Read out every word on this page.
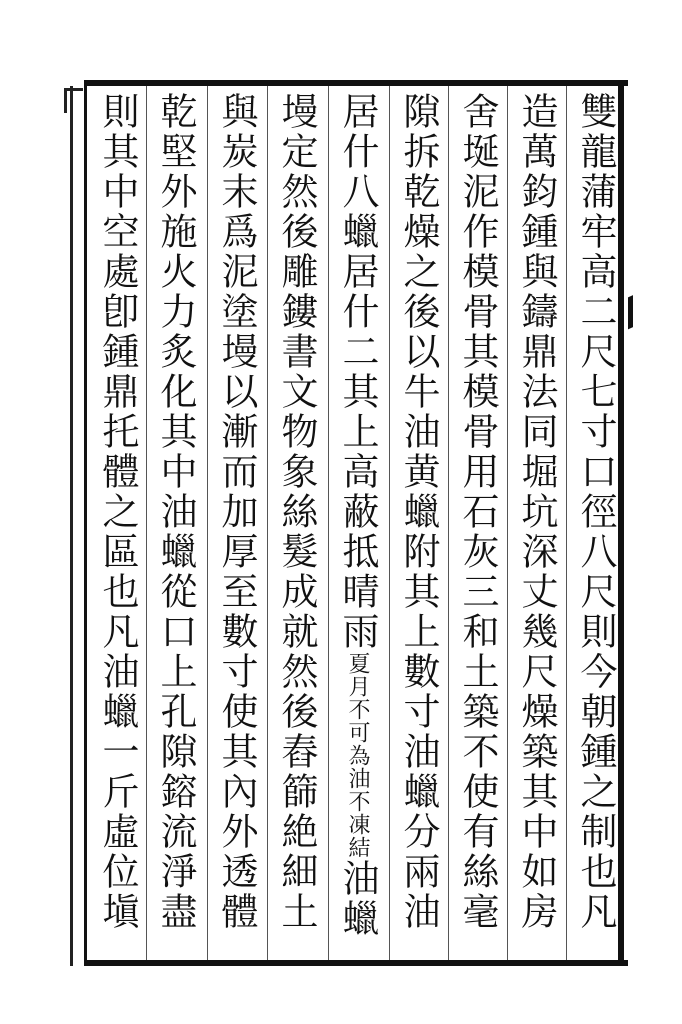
雙龍蒲牢高二尺七寸口徑八尺則今朝鍾之制也凡
造萬鈞鍾與鑄鼎法同堀坑深丈幾尺燥築其中如房
舍埏泥作模骨其模骨用石灰三和土築不使有絲毫
隙拆乾燥之後以牛油黄蠟附其上數寸油蠟分兩油
居什八蠟居什二其上高蔽抵晴雨夏月不可為油不凍結油蠟
墁定然後雕鏤書文物象絲髮成就然後舂篩絶細土
與炭末爲泥塗墁以漸而加厚至數寸使其內外透體
乾堅外施火力炙化其中油蠟從口上孔隙鎔流淨盡
則其中空處卽鍾鼎托體之區也凡油蠟一斤虛位塡
